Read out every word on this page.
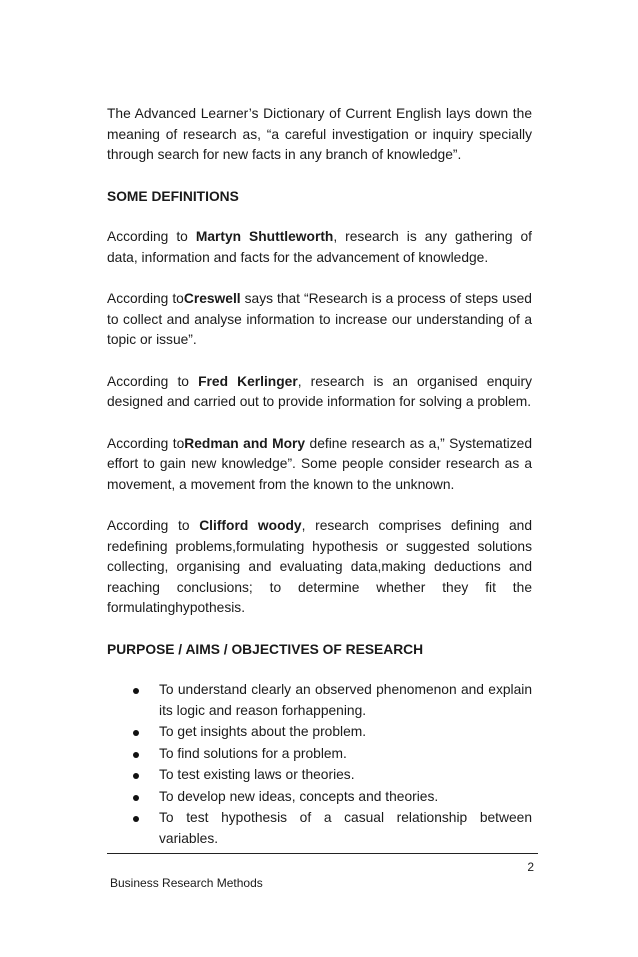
The Advanced Learner’s Dictionary of Current English lays down the meaning of research as, “a careful investigation or inquiry specially through search for new facts in any branch of knowledge”.

SOME DEFINITIONS

According to Martyn Shuttleworth, research is any gathering of data, information and facts for the advancement of knowledge.

According toCreswell says that “Research is a process of steps used to collect and analyse information to increase our understanding of a topic or issue”.

According to Fred Kerlinger, research is an organised enquiry designed and carried out to provide information for solving a problem.

According toRedman and Mory define research as a,” Systematized effort to gain new knowledge”. Some people consider research as a movement, a movement from the known to the unknown.

According to Clifford woody, research comprises defining and redefining problems,formulating hypothesis or suggested solutions collecting, organising and evaluating data,making deductions and reaching conclusions; to determine whether they fit the formulatinghypothesis.

PURPOSE / AIMS / OBJECTIVES OF RESEARCH
To understand clearly an observed phenomenon and explain its logic and reason forhappening.
To get insights about the problem.
To find solutions for a problem.
To test existing laws or theories.
To develop new ideas, concepts and theories.
To test hypothesis of a casual relationship between variables.
2
Business Research Methods
